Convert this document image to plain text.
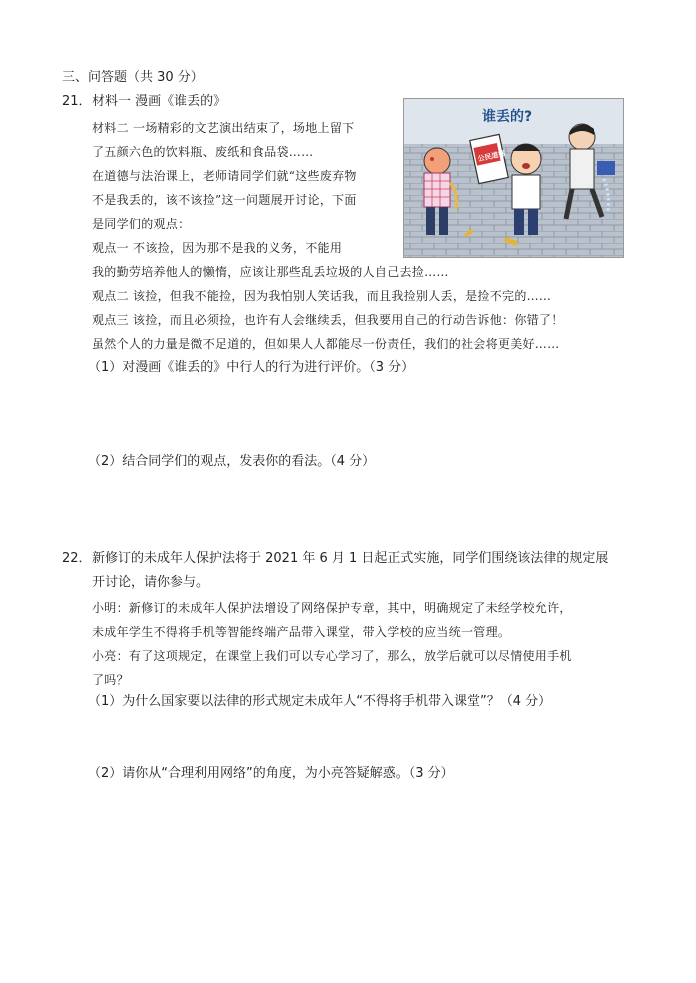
三、问答题（共 30 分）
21． 材料一 漫画《谁丢的》
材料二 一场精彩的文艺演出结束了，场地上留下
了五颜六色的饮料瓶、废纸和食品袋……
在道德与法治课上，老师请同学们就“这些废弃物
不是我丢的，该不该捡”这一问题展开讨论，下面
是同学们的观点：
观点一 不该捡，因为那不是我的义务，不能用
我的勤劳培养他人的懒惰，应该让那些乱丢垃圾的人自己去捡……
观点二 该捡，但我不能捡，因为我怕别人笑话我，而且我捡别人丢，是捡不完的……
观点三 该捡，而且必须捡，也许有人会继续丢，但我要用自己的行动告诉他：你错了！
虽然个人的力量是微不足道的，但如果人人都能尽一份责任，我们的社会将更美好……
（1）对漫画《谁丢的》中行人的行为进行评价。（3 分）
（2）结合同学们的观点，发表你的看法。（4 分）
谁丢的?
公民道德
22． 新修订的未成年人保护法将于 2021 年 6 月 1 日起正式实施，同学们围绕该法律的规定展
开讨论，请你参与。
小明：新修订的未成年人保护法增设了网络保护专章，其中，明确规定了未经学校允许，
未成年学生不得将手机等智能终端产品带入课堂，带入学校的应当统一管理。
小亮：有了这项规定，在课堂上我们可以专心学习了，那么，放学后就可以尽情使用手机
了吗？
（1）为什么国家要以法律的形式规定未成年人“不得将手机带入课堂”？（4 分）
（2）请你从“合理利用网络”的角度，为小亮答疑解惑。（3 分）
